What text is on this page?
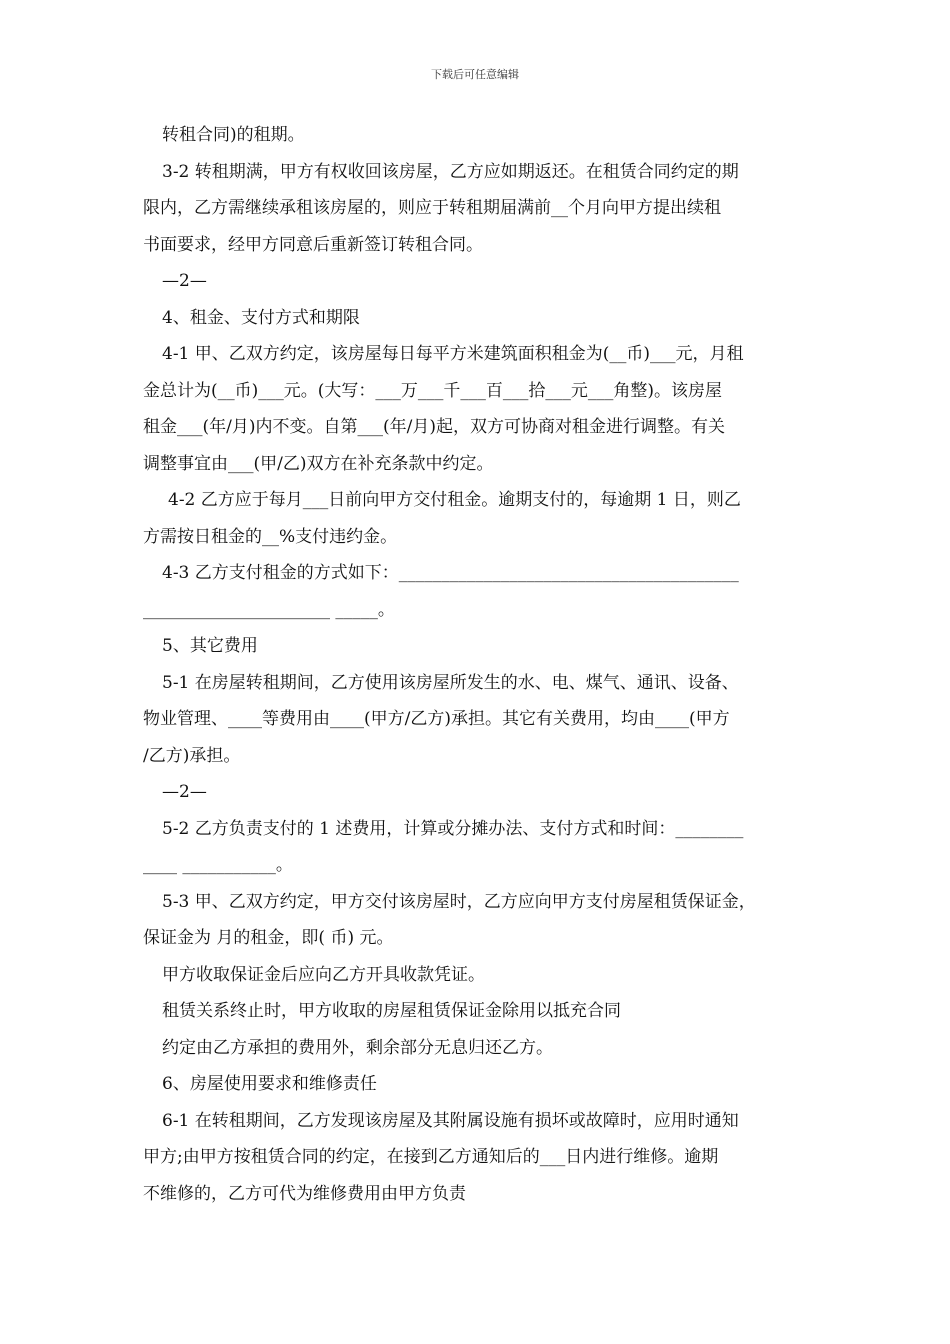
下载后可任意编辑
转租合同)的租期。
3-2 转租期满，甲方有权收回该房屋，乙方应如期返还。在租赁合同约定的期
限内，乙方需继续承租该房屋的，则应于转租期届满前__个月向甲方提出续租
书面要求，经甲方同意后重新签订转租合同。
—2—
4、租金、支付方式和期限
4-1 甲、乙双方约定，该房屋每日每平方米建筑面积租金为(__币)___元，月租
金总计为(__币)___元。(大写：___万___千___百___拾___元___角整)。该房屋
租金___(年/月)内不变。自第___(年/月)起，双方可协商对租金进行调整。有关
调整事宜由___(甲/乙)双方在补充条款中约定。
4-2 乙方应于每月___日前向甲方交付租金。逾期支付的，每逾期 1 日，则乙
方需按日租金的__%支付违约金。
4-3 乙方支付租金的方式如下：________________________________________
______________________ _____。
5、其它费用
5-1 在房屋转租期间，乙方使用该房屋所发生的水、电、煤气、通讯、设备、
物业管理、____等费用由____(甲方/乙方)承担。其它有关费用，均由____(甲方
/乙方)承担。
—2—
5-2 乙方负责支付的 1 述费用，计算或分摊办法、支付方式和时间：________
____ ___________。
5-3 甲、乙双方约定，甲方交付该房屋时，乙方应向甲方支付房屋租赁保证金，
保证金为 月的租金，即( 币) 元。
甲方收取保证金后应向乙方开具收款凭证。
租赁关系终止时，甲方收取的房屋租赁保证金除用以抵充合同
约定由乙方承担的费用外，剩余部分无息归还乙方。
6、房屋使用要求和维修责任
6-1 在转租期间，乙方发现该房屋及其附属设施有损坏或故障时，应用时通知
甲方;由甲方按租赁合同的约定，在接到乙方通知后的___日内进行维修。逾期
不维修的，乙方可代为维修费用由甲方负责
